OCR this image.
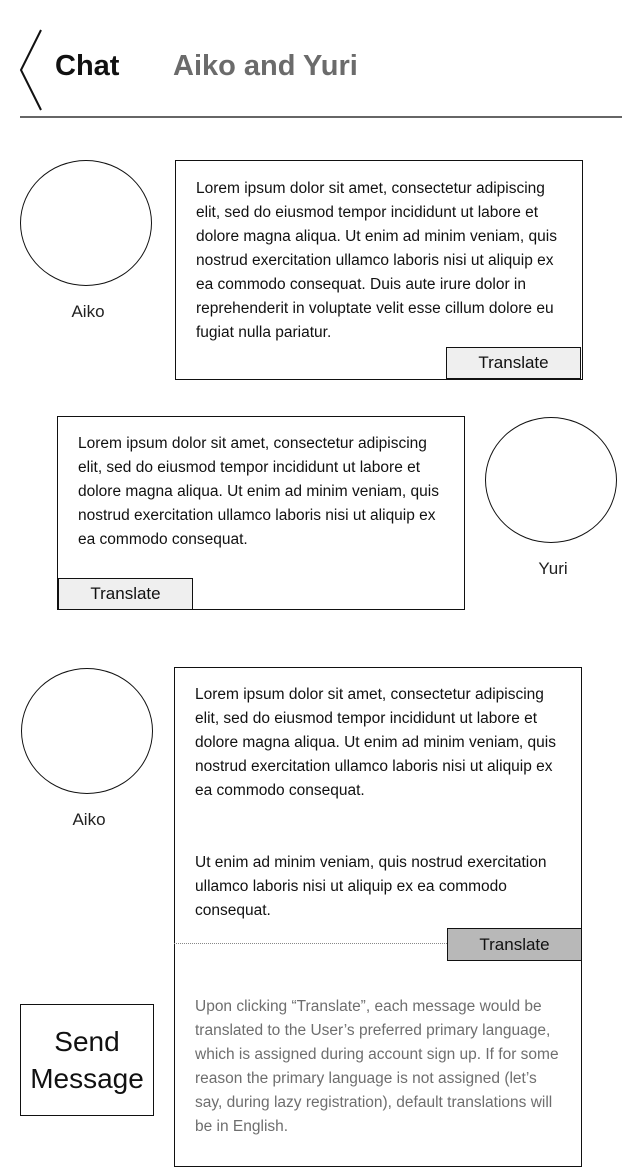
Chat Aiko and Yuri
Aiko

Lorem ipsum dolor sit amet, consectetur adipiscing elit, sed do eiusmod tempor incididunt ut labore et dolore magna aliqua. Ut enim ad minim veniam, quis nostrud exercitation ullamco laboris nisi ut aliquip ex ea commodo consequat. Duis aute irure dolor in reprehenderit in voluptate velit esse cillum dolore eu fugiat nulla pariatur.

Translate

Lorem ipsum dolor sit amet, consectetur adipiscing elit, sed do eiusmod tempor incididunt ut labore et dolore magna aliqua. Ut enim ad minim veniam, quis nostrud exercitation ullamco laboris nisi ut aliquip ex ea commodo consequat.

Translate
Yuri
Aiko

Lorem ipsum dolor sit amet, consectetur adipiscing elit, sed do eiusmod tempor incididunt ut labore et dolore magna aliqua. Ut enim ad minim veniam, quis nostrud exercitation ullamco laboris nisi ut aliquip ex ea commodo consequat.

Ut enim ad minim veniam, quis nostrud exercitation ullamco laboris nisi ut aliquip ex ea commodo consequat.

Translate

Upon clicking “Translate”, each message would be translated to the User’s preferred primary language, which is assigned during account sign up. If for some reason the primary language is not assigned (let’s say, during lazy registration), default translations will be in English.

Send
Message
